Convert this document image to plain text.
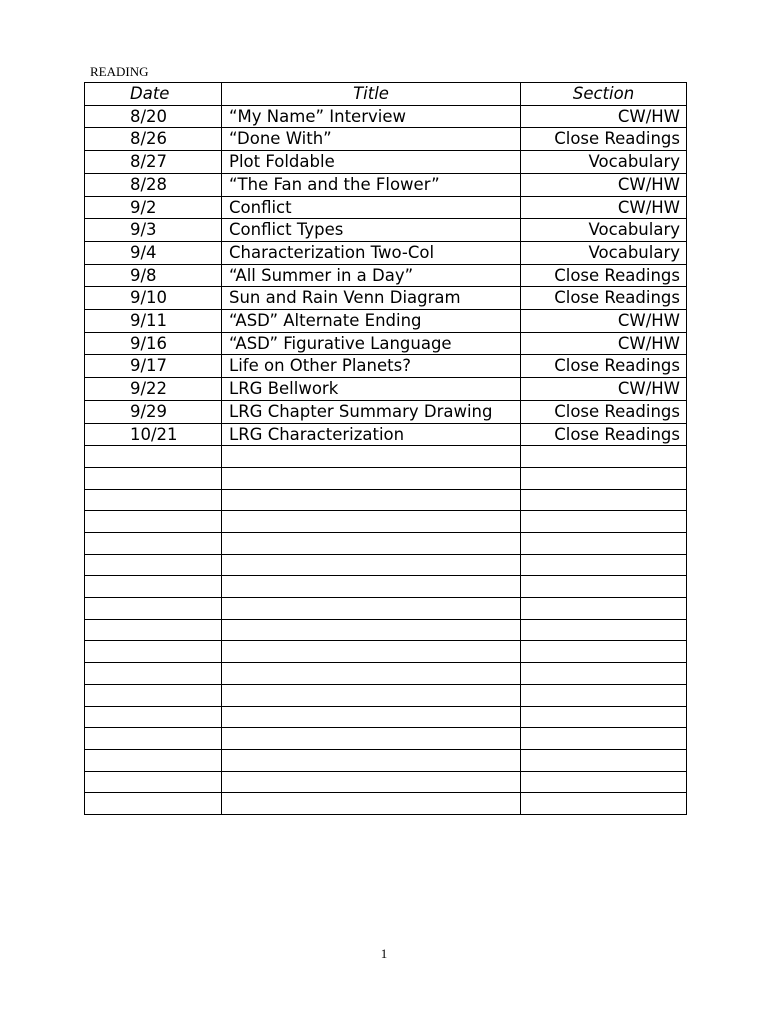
READING
Date	Title	Section
8/20	“My Name” Interview	CW/HW
8/26	“Done With”	Close Readings
8/27	Plot Foldable	Vocabulary
8/28	“The Fan and the Flower”	CW/HW
9/2	Conflict	CW/HW
9/3	Conflict Types	Vocabulary
9/4	Characterization Two-Col	Vocabulary
9/8	“All Summer in a Day”	Close Readings
9/10	Sun and Rain Venn Diagram	Close Readings
9/11	“ASD” Alternate Ending	CW/HW
9/16	“ASD” Figurative Language	CW/HW
9/17	Life on Other Planets?	Close Readings
9/22	LRG Bellwork	CW/HW
9/29	LRG Chapter Summary Drawing	Close Readings
10/21	LRG Characterization	Close Readings

1
